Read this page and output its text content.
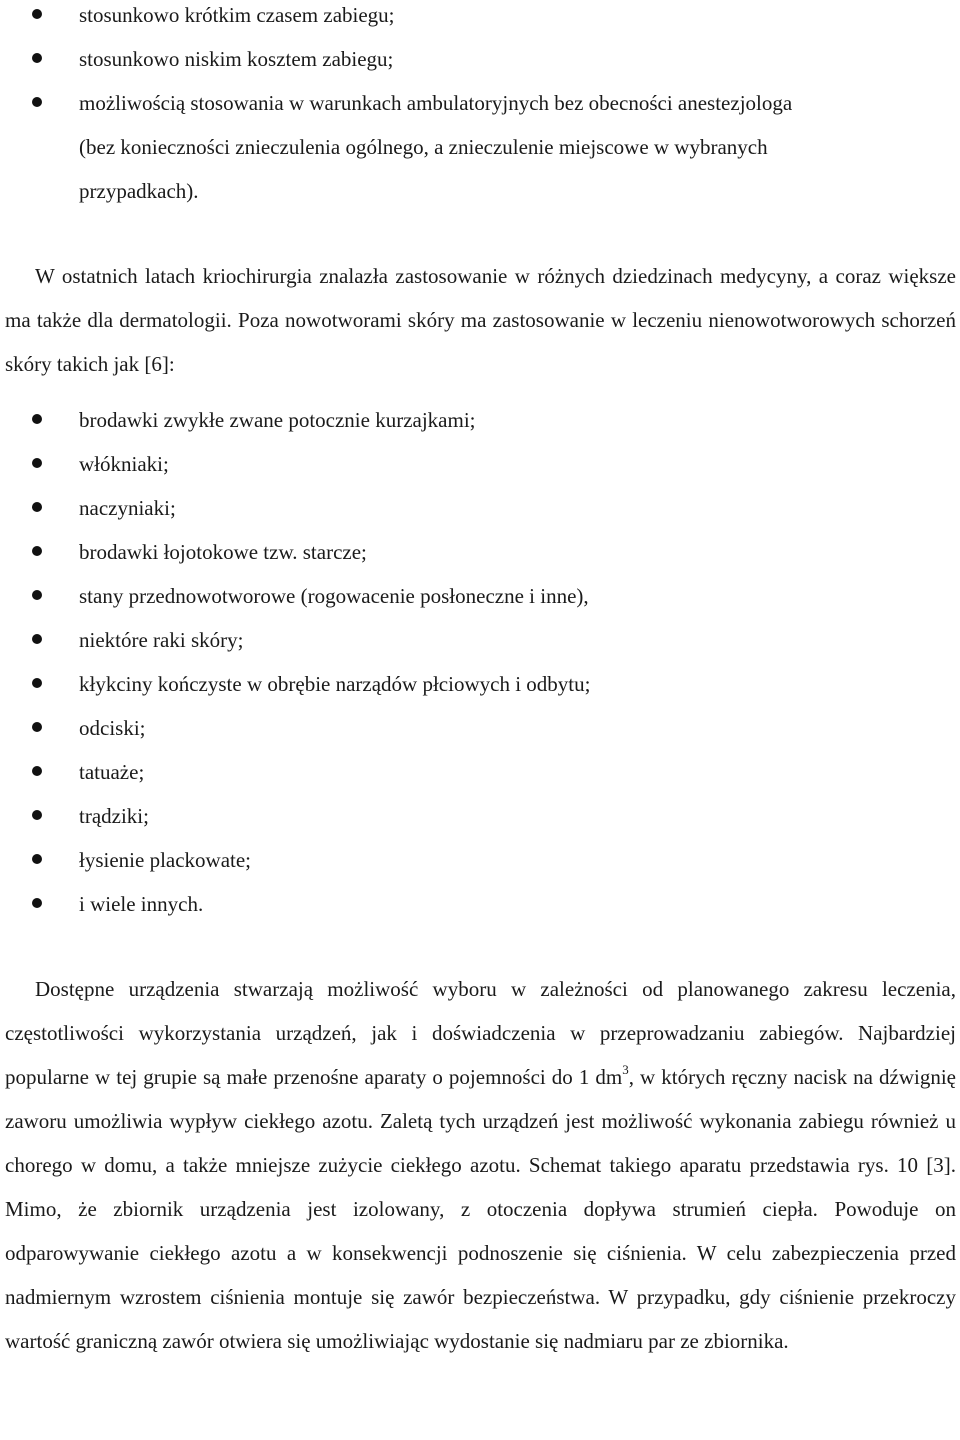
stosunkowo krótkim czasem zabiegu;
stosunkowo niskim kosztem zabiegu;
możliwością stosowania w warunkach ambulatoryjnych bez obecności anestezjologa
(bez konieczności znieczulenia ogólnego, a znieczulenie miejscowe w wybranych
przypadkach).

W ostatnich latach kriochirurgia znalazła zastosowanie w różnych dziedzinach medycyny, a coraz większe ma także dla dermatologii. Poza nowotworami skóry ma zastosowanie w leczeniu nienowotworowych schorzeń skóry takich jak [6]:

brodawki zwykłe zwane potocznie kurzajkami;
włókniaki;
naczyniaki;
brodawki łojotokowe tzw. starcze;
stany przednowotworowe (rogowacenie posłoneczne i inne),
niektóre raki skóry;
kłykciny kończyste w obrębie narządów płciowych i odbytu;
odciski;
tatuaże;
trądziki;
łysienie plackowate;
i wiele innych.

Dostępne urządzenia stwarzają możliwość wyboru w zależności od planowanego zakresu leczenia, częstotliwości wykorzystania urządzeń, jak i doświadczenia w przeprowadzaniu zabiegów. Najbardziej popularne w tej grupie są małe przenośne aparaty o pojemności do 1 $dm^3$, w których ręczny nacisk na dźwignię zaworu umożliwia wypływ ciekłego azotu. Zaletą tych urządzeń jest możliwość wykonania zabiegu również u chorego w domu, a także mniejsze zużycie ciekłego azotu. Schemat takiego aparatu przedstawia rys. 10 [3]. Mimo, że zbiornik urządzenia jest izolowany, z otoczenia dopływa strumień ciepła. Powoduje on odparowywanie ciekłego azotu a w konsekwencji podnoszenie się ciśnienia. W celu zabezpieczenia przed nadmiernym wzrostem ciśnienia montuje się zawór bezpieczeństwa. W przypadku, gdy ciśnienie przekroczy wartość graniczną zawór otwiera się umożliwiając wydostanie się nadmiaru par ze zbiornika.
